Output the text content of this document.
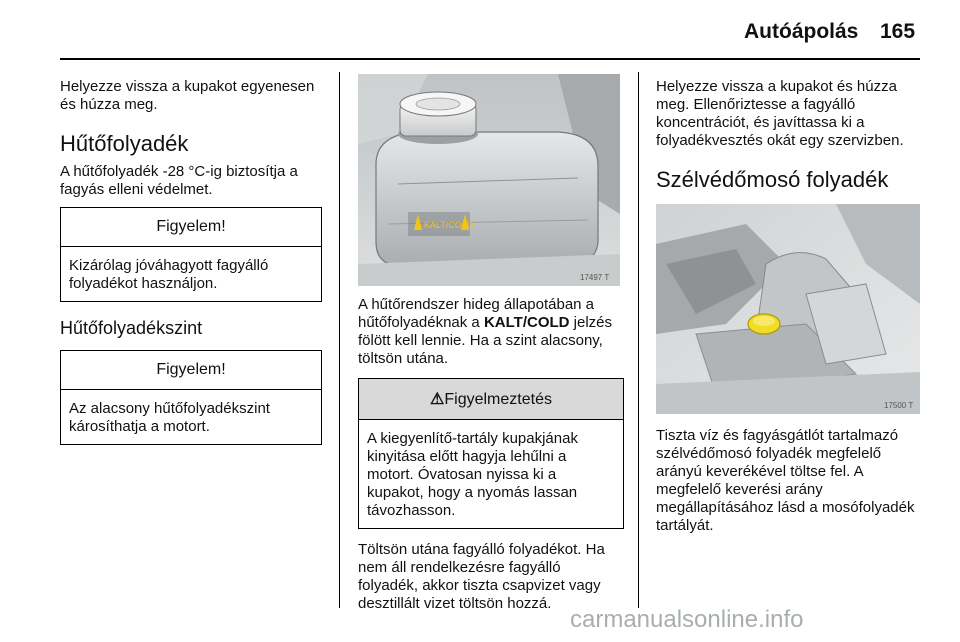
Autóápolás 165

Helyezze vissza a kupakot egyenesen és húzza meg.

Hűtőfolyadék

A hűtőfolyadék -28 °C-ig biztosítja a fagyás elleni védelmet.

Figyelem!
Kizárólag jóváhagyott fagyálló folyadékot használjon.
Hűtőfolyadékszint
Figyelem!
Az alacsony hűtőfolyadékszint károsíthatja a motort.
KALT/COLD
17497 T

A hűtőrendszer hideg állapotában a hűtőfolyadéknak a KALT/COLD jelzés fölött kell lennie. Ha a szint alacsony, töltsön utána.

⚠Figyelmeztetés
A kiegyenlítő-tartály kupakjának kinyitása előtt hagyja lehűlni a motort. Óvatosan nyissa ki a kupakot, hogy a nyomás lassan távozhasson.

Töltsön utána fagyálló folyadékot. Ha nem áll rendelkezésre fagyálló folyadék, akkor tiszta csapvizet vagy desztillált vizet töltsön hozzá.

Helyezze vissza a kupakot és húzza meg. Ellenőriztesse a fagyálló koncentrációt, és javíttassa ki a folyadékvesztés okát egy szervizben.

Szélvédőmosó folyadék
17500 T

Tiszta víz és fagyásgátlót tartalmazó szélvédőmosó folyadék megfelelő arányú keverékével töltse fel. A megfelelő keverési arány megállapításához lásd a mosófolyadék tartályát.

carmanualsonline.info
